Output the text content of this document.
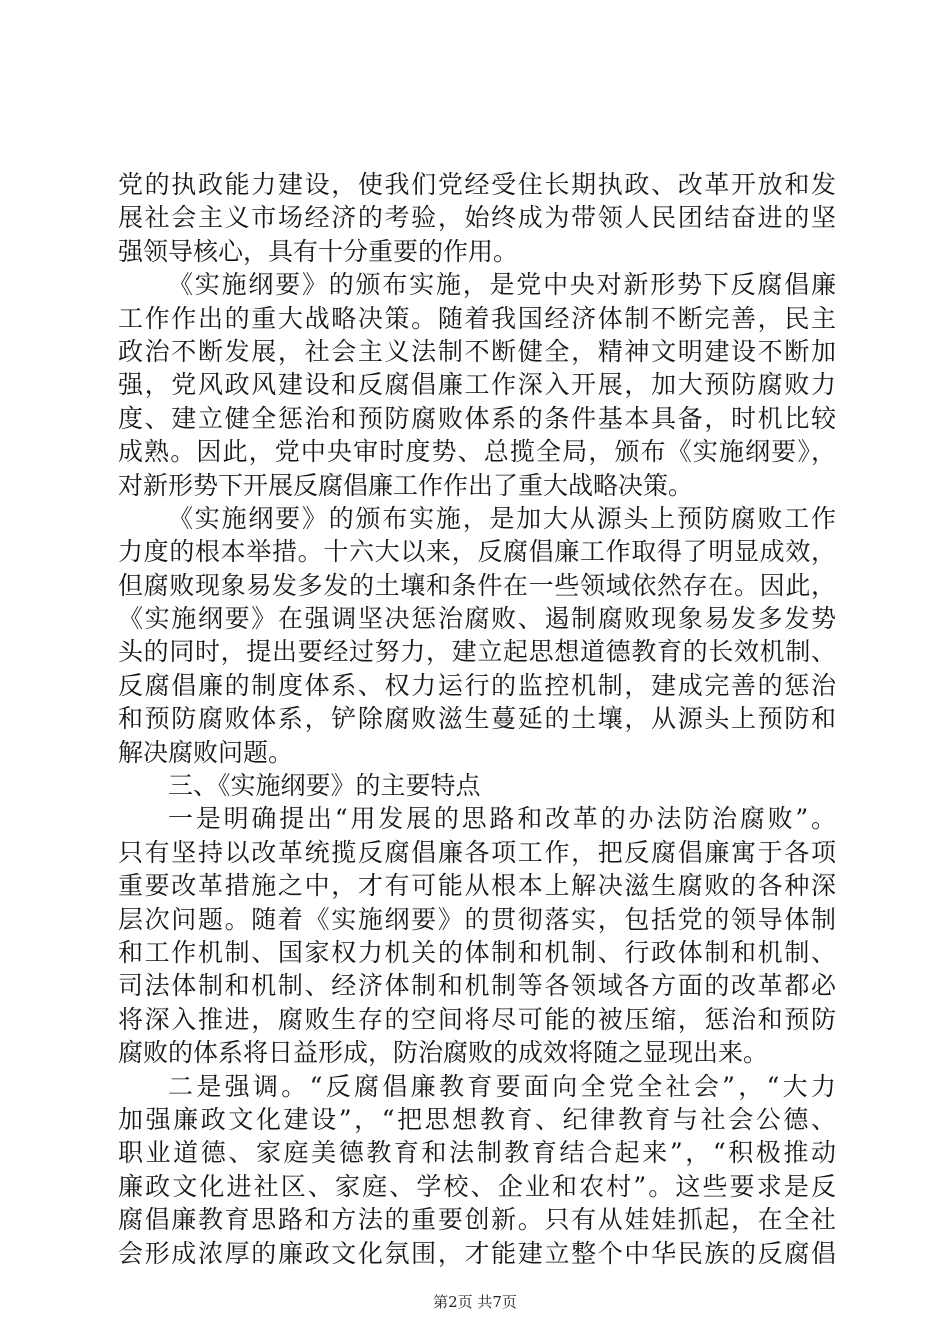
党的执政能力建设，使我们党经受住长期执政、改革开放和发
展社会主义市场经济的考验，始终成为带领人民团结奋进的坚
强领导核心，具有十分重要的作用。
《实施纲要》的颁布实施，是党中央对新形势下反腐倡廉
工作作出的重大战略决策。随着我国经济体制不断完善，民主
政治不断发展，社会主义法制不断健全，精神文明建设不断加
强，党风政风建设和反腐倡廉工作深入开展，加大预防腐败力
度、建立健全惩治和预防腐败体系的条件基本具备，时机比较
成熟。因此，党中央审时度势、总揽全局，颁布《实施纲要》，
对新形势下开展反腐倡廉工作作出了重大战略决策。
《实施纲要》的颁布实施，是加大从源头上预防腐败工作
力度的根本举措。十六大以来，反腐倡廉工作取得了明显成效，
但腐败现象易发多发的土壤和条件在一些领域依然存在。因此，
《实施纲要》在强调坚决惩治腐败、遏制腐败现象易发多发势
头的同时，提出要经过努力，建立起思想道德教育的长效机制、
反腐倡廉的制度体系、权力运行的监控机制，建成完善的惩治
和预防腐败体系，铲除腐败滋生蔓延的土壤，从源头上预防和
解决腐败问题。
三、《实施纲要》的主要特点
一是明确提出“用发展的思路和改革的办法防治腐败”。
只有坚持以改革统揽反腐倡廉各项工作，把反腐倡廉寓于各项
重要改革措施之中，才有可能从根本上解决滋生腐败的各种深
层次问题。随着《实施纲要》的贯彻落实，包括党的领导体制
和工作机制、国家权力机关的体制和机制、行政体制和机制、
司法体制和机制、经济体制和机制等各领域各方面的改革都必
将深入推进，腐败生存的空间将尽可能的被压缩，惩治和预防
腐败的体系将日益形成，防治腐败的成效将随之显现出来。
二是强调。“反腐倡廉教育要面向全党全社会”，“大力
加强廉政文化建设”，“把思想教育、纪律教育与社会公德、
职业道德、家庭美德教育和法制教育结合起来”，“积极推动
廉政文化进社区、家庭、学校、企业和农村”。这些要求是反
腐倡廉教育思路和方法的重要创新。只有从娃娃抓起，在全社
会形成浓厚的廉政文化氛围，才能建立整个中华民族的反腐倡
第2页 共7页
